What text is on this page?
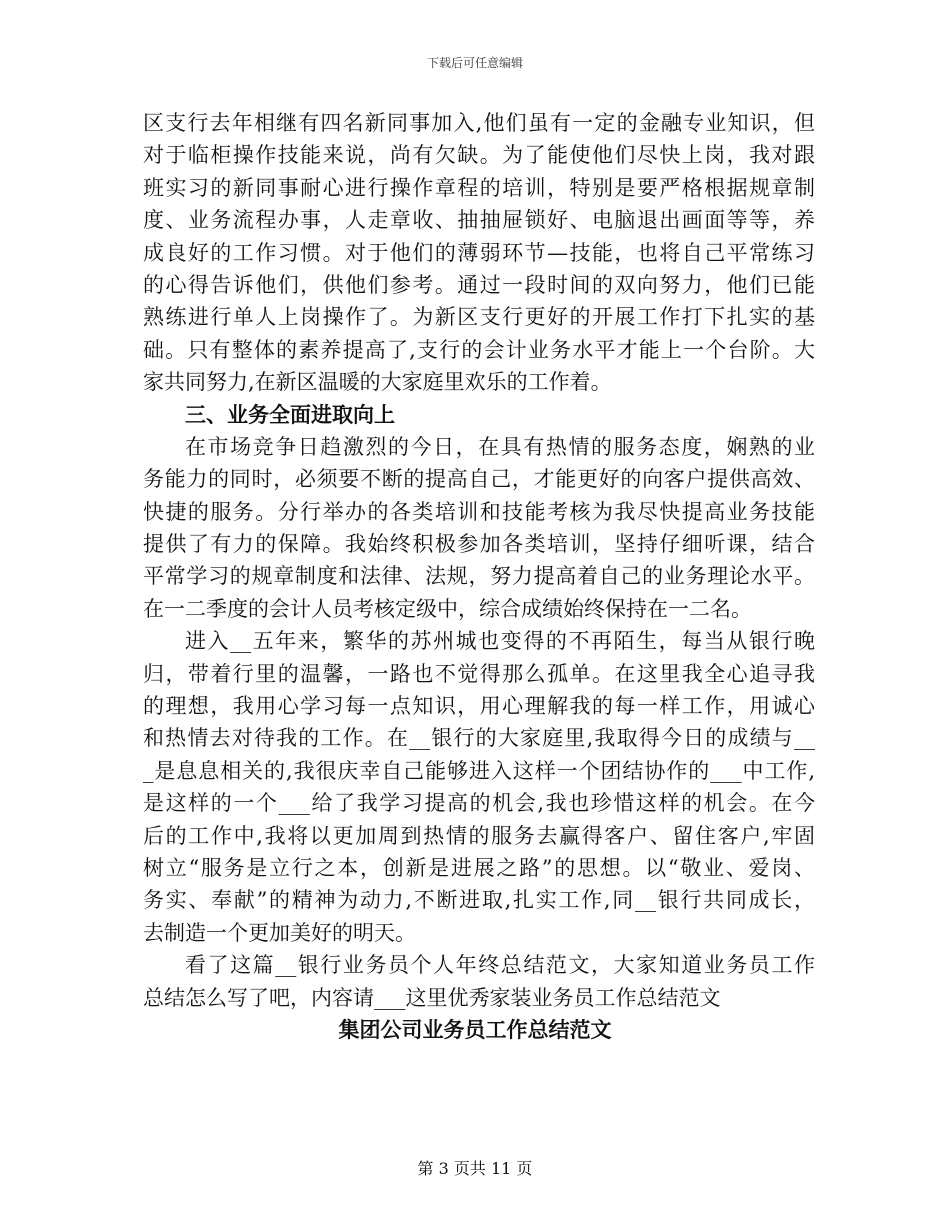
下载后可任意编辑
区支行去年相继有四名新同事加入,他们虽有一定的金融专业知识，但
对于临柜操作技能来说，尚有欠缺。为了能使他们尽快上岗，我对跟
班实习的新同事耐心进行操作章程的培训，特别是要严格根据规章制
度、业务流程办事，人走章收、抽抽屉锁好、电脑退出画面等等，养
成良好的工作习惯。对于他们的薄弱环节—技能，也将自己平常练习
的心得告诉他们，供他们参考。通过一段时间的双向努力，他们已能
熟练进行单人上岗操作了。为新区支行更好的开展工作打下扎实的基
础。只有整体的素养提高了,支行的会计业务水平才能上一个台阶。大
家共同努力,在新区温暖的大家庭里欢乐的工作着。
三、业务全面进取向上
在市场竞争日趋激烈的今日，在具有热情的服务态度，娴熟的业
务能力的同时，必须要不断的提高自己，才能更好的向客户提供高效、
快捷的服务。分行举办的各类培训和技能考核为我尽快提高业务技能
提供了有力的保障。我始终积极参加各类培训，坚持仔细听课，结合
平常学习的规章制度和法律、法规，努力提高着自己的业务理论水平。
在一二季度的会计人员考核定级中，综合成绩始终保持在一二名。
进入__五年来，繁华的苏州城也变得的不再陌生，每当从银行晚
归，带着行里的温馨，一路也不觉得那么孤单。在这里我全心追寻我
的理想，我用心学习每一点知识，用心理解我的每一样工作，用诚心
和热情去对待我的工作。在__银行的大家庭里,我取得今日的成绩与__
_是息息相关的,我很庆幸自己能够进入这样一个团结协作的___中工作,
是这样的一个___给了我学习提高的机会,我也珍惜这样的机会。在今
后的工作中,我将以更加周到热情的服务去赢得客户、留住客户,牢固
树立“服务是立行之本，创新是进展之路”的思想。以“敬业、爱岗、
务实、奉献”的精神为动力,不断进取,扎实工作,同__银行共同成长，
去制造一个更加美好的明天。
看了这篇__银行业务员个人年终总结范文，大家知道业务员工作
总结怎么写了吧，内容请___这里优秀家装业务员工作总结范文
集团公司业务员工作总结范文
第 3 页共 11 页
